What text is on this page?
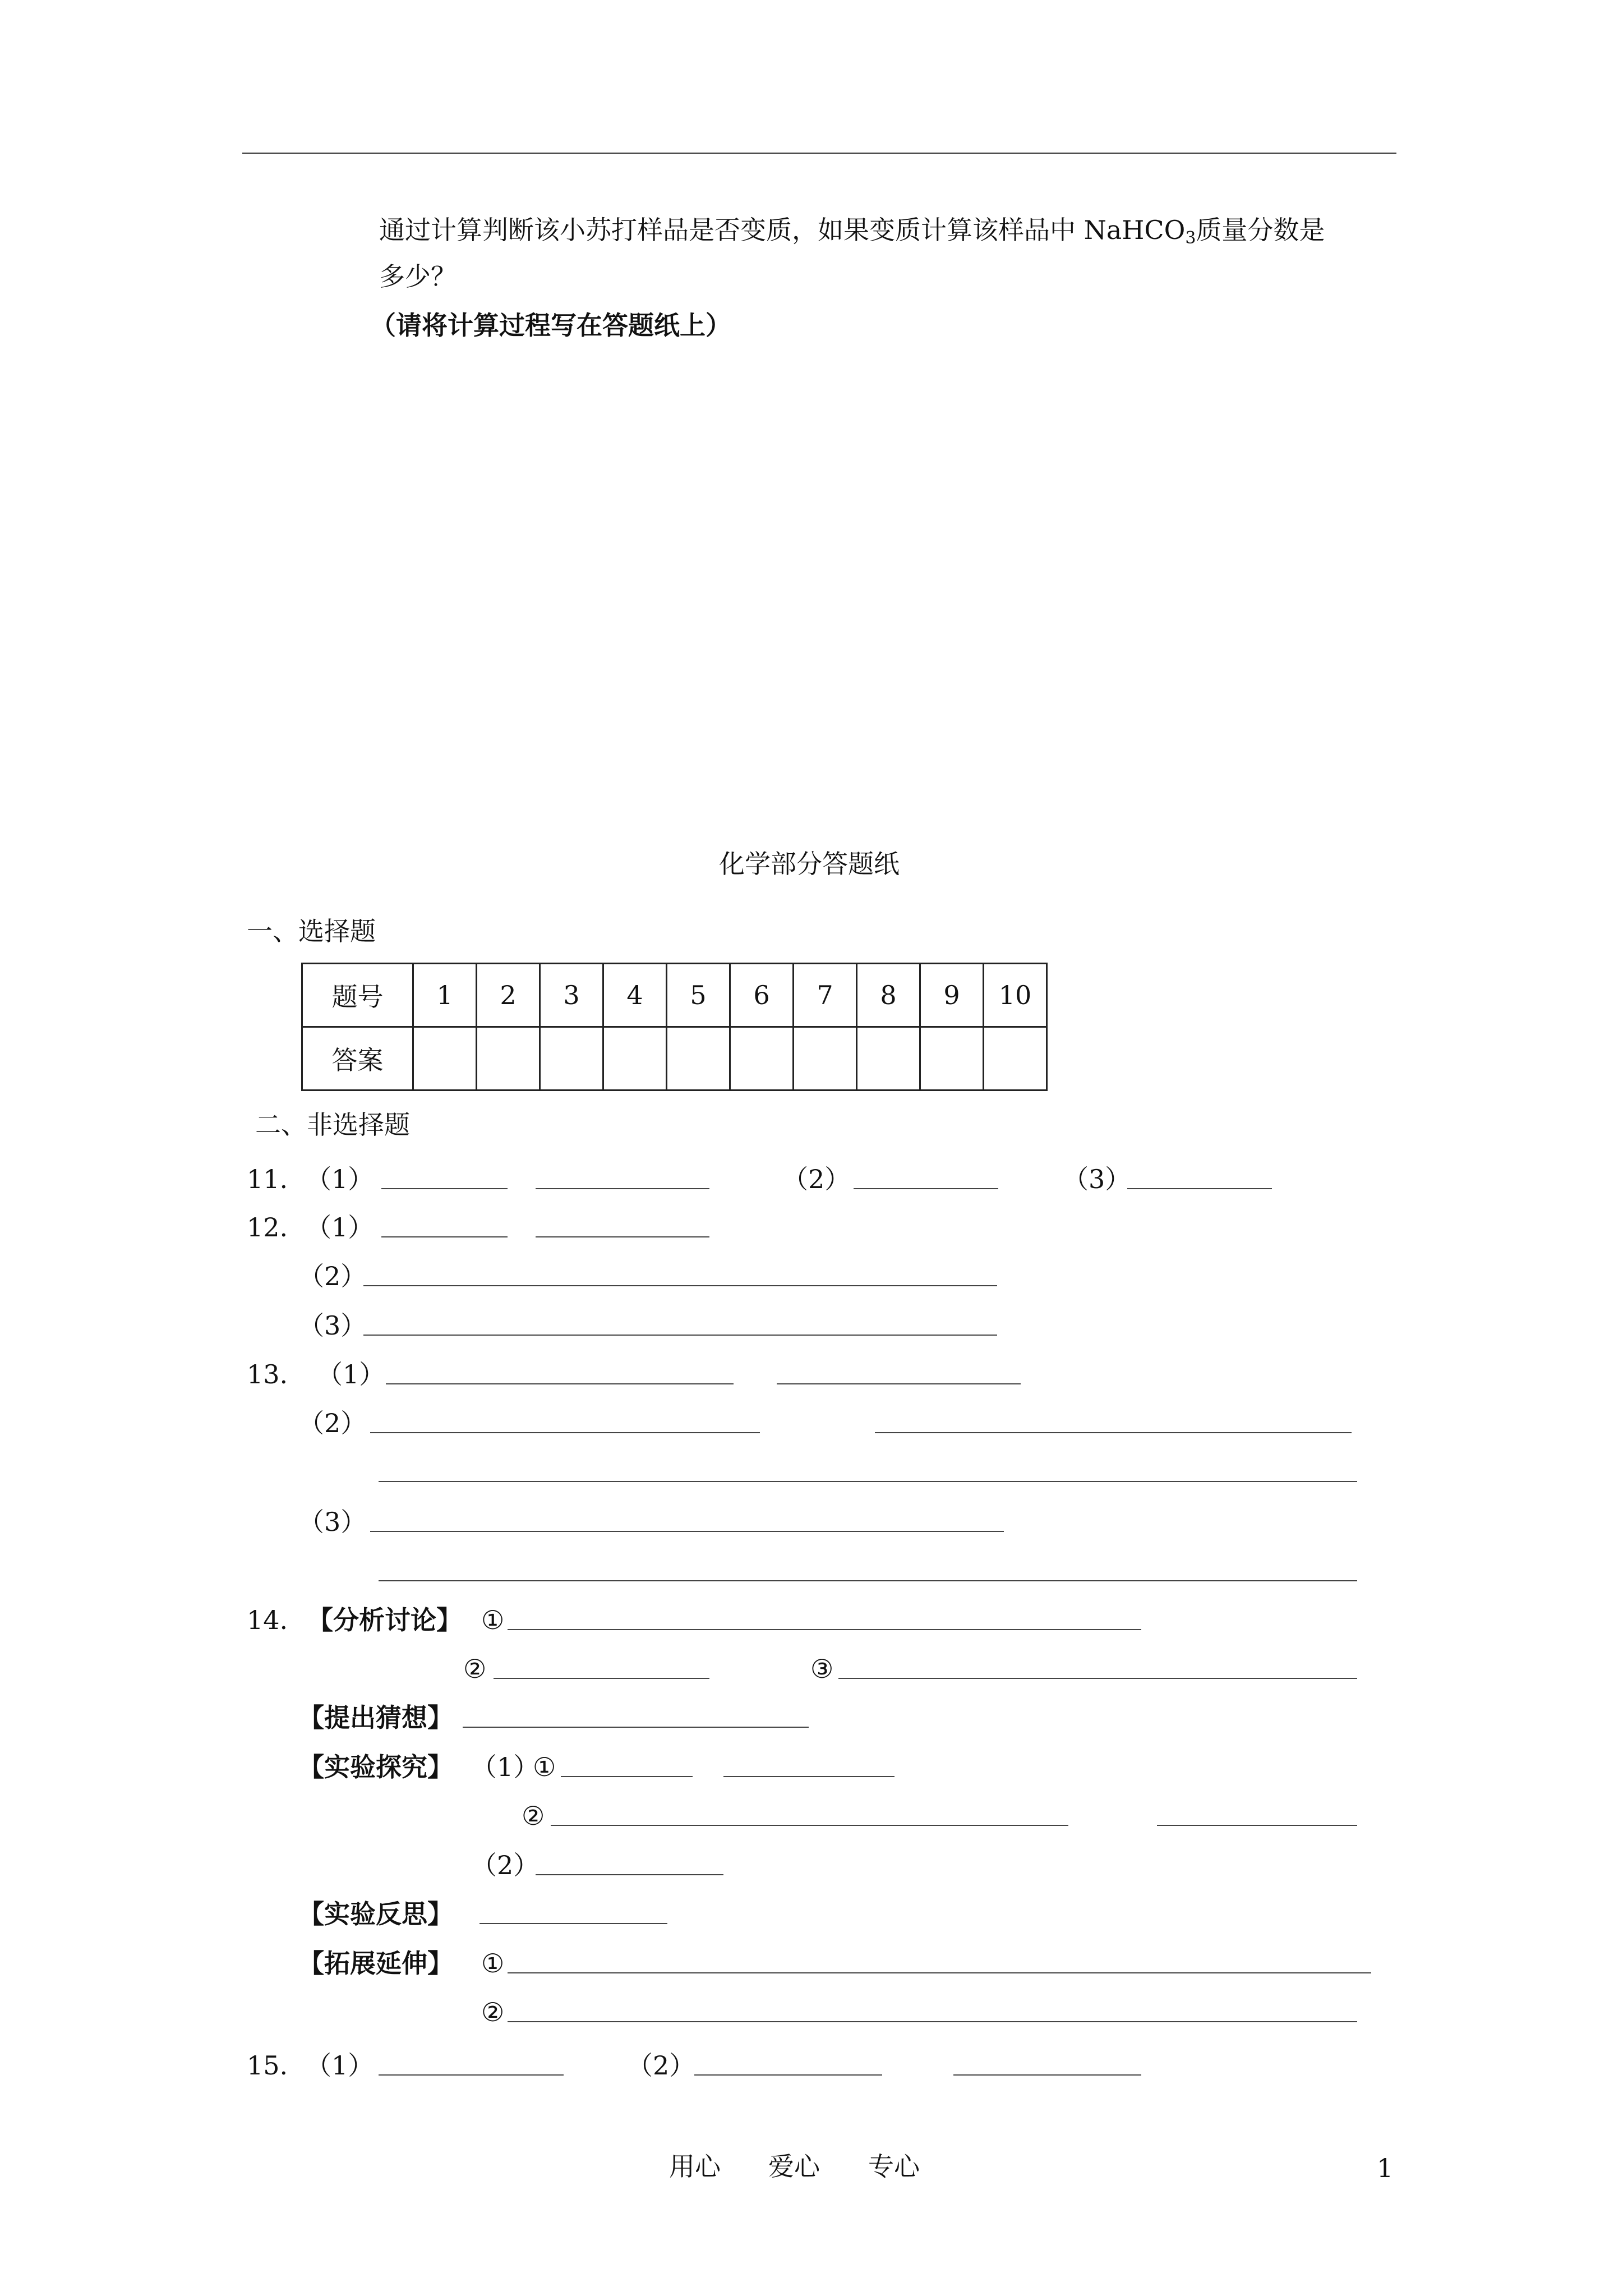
通过计算判断该小苏打样品是否变质，如果变质计算该样品中 NaHCO$_3$质量分数是
多少？
（请将计算过程写在答题纸上）
化学部分答题纸
一、选择题
题号	1	2	3	4	5	6	7	8	9	10
答案										
二、非选择题
11. （1）	（2）	（3）
12. （1）
（2）
（3）
13. （1）
（2）
（3）
14. 【分析讨论】 ①
②	③
【提出猜想】
【实验探究】 （1）
①
②
（2）
【实验反思】
【拓展延伸】 ①
②
15. （1）	（2）
用心 爱心 专心	1
